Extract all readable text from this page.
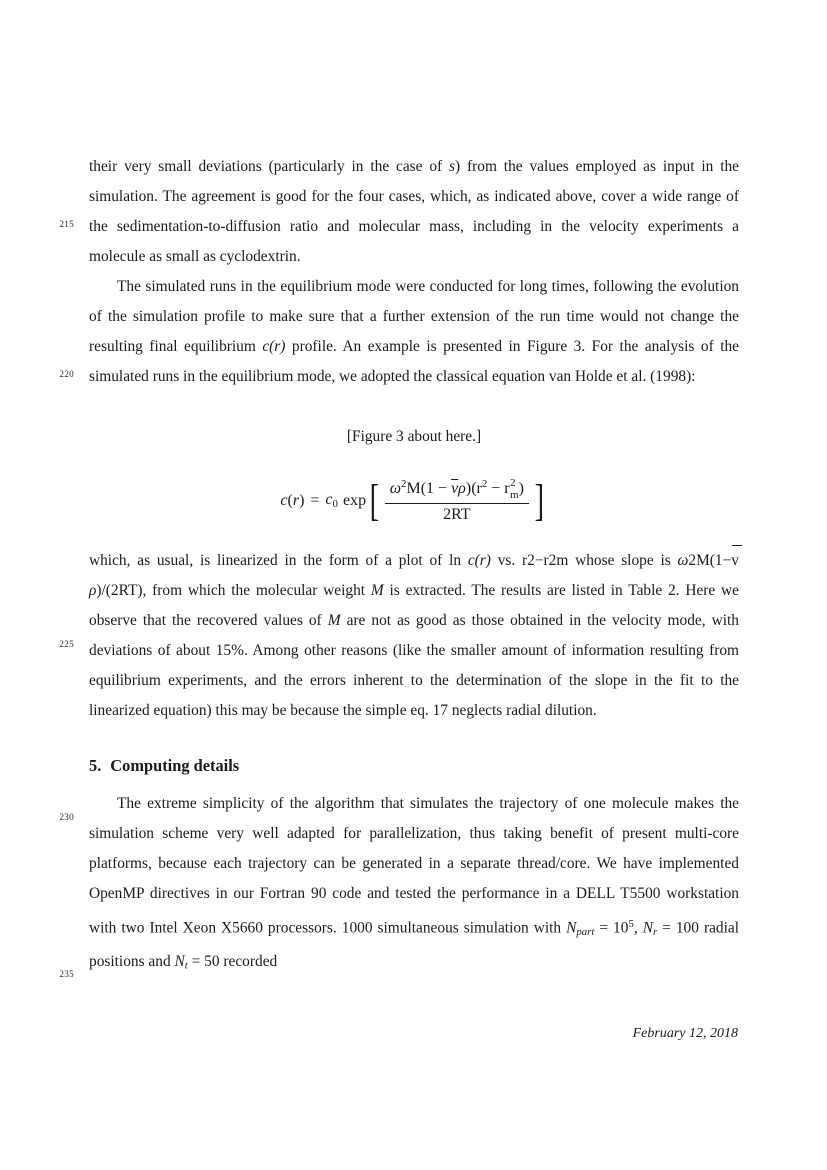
215
220
225
230
235

their very small deviations (particularly in the case of s) from the values employed as input in the simulation. The agreement is good for the four cases, which, as indicated above, cover a wide range of the sedimentation-to-diffusion ratio and molecular mass, including in the velocity experiments a molecule as small as cyclodextrin.

The simulated runs in the equilibrium mode were conducted for long times, following the evolution of the simulation profile to make sure that a further extension of the run time would not change the resulting final equilibrium c(r) profile. An example is presented in Figure 3. For the analysis of the simulated runs in the equilibrium mode, we adopted the classical equation van Holde et al. (1998):

[Figure 3 about here.]

$c(r) = c_0$ exp [ $\omega^2M(1 - \overline{\nu}\rho)(r^2 - r$ 2
m )
2RT ]

which, as usual, is linearized in the form of a plot of ln c(r) vs. r2−r2m whose slope is ω2M(1−vρ)/(2RT), from which the molecular weight M is extracted. The results are listed in Table 2. Here we observe that the recovered values of M are not as good as those obtained in the velocity mode, with deviations of about 15%. Among other reasons (like the smaller amount of information resulting from equilibrium experiments, and the errors inherent to the determination of the slope in the fit to the linearized equation) this may be because the simple eq. 17 neglects radial dilution.

5. Computing details

The extreme simplicity of the algorithm that simulates the trajectory of one molecule makes the simulation scheme very well adapted for parallelization, thus taking benefit of present multi-core platforms, because each trajectory can be generated in a separate thread/core. We have implemented OpenMP directives in our Fortran 90 code and tested the performance in a DELL T5500 workstation with two Intel Xeon X5660 processors. 1000 simultaneous simulation with Npart = $10^5$, Nr = 100 radial positions and Nt = 50 recorded

February 12, 2018
